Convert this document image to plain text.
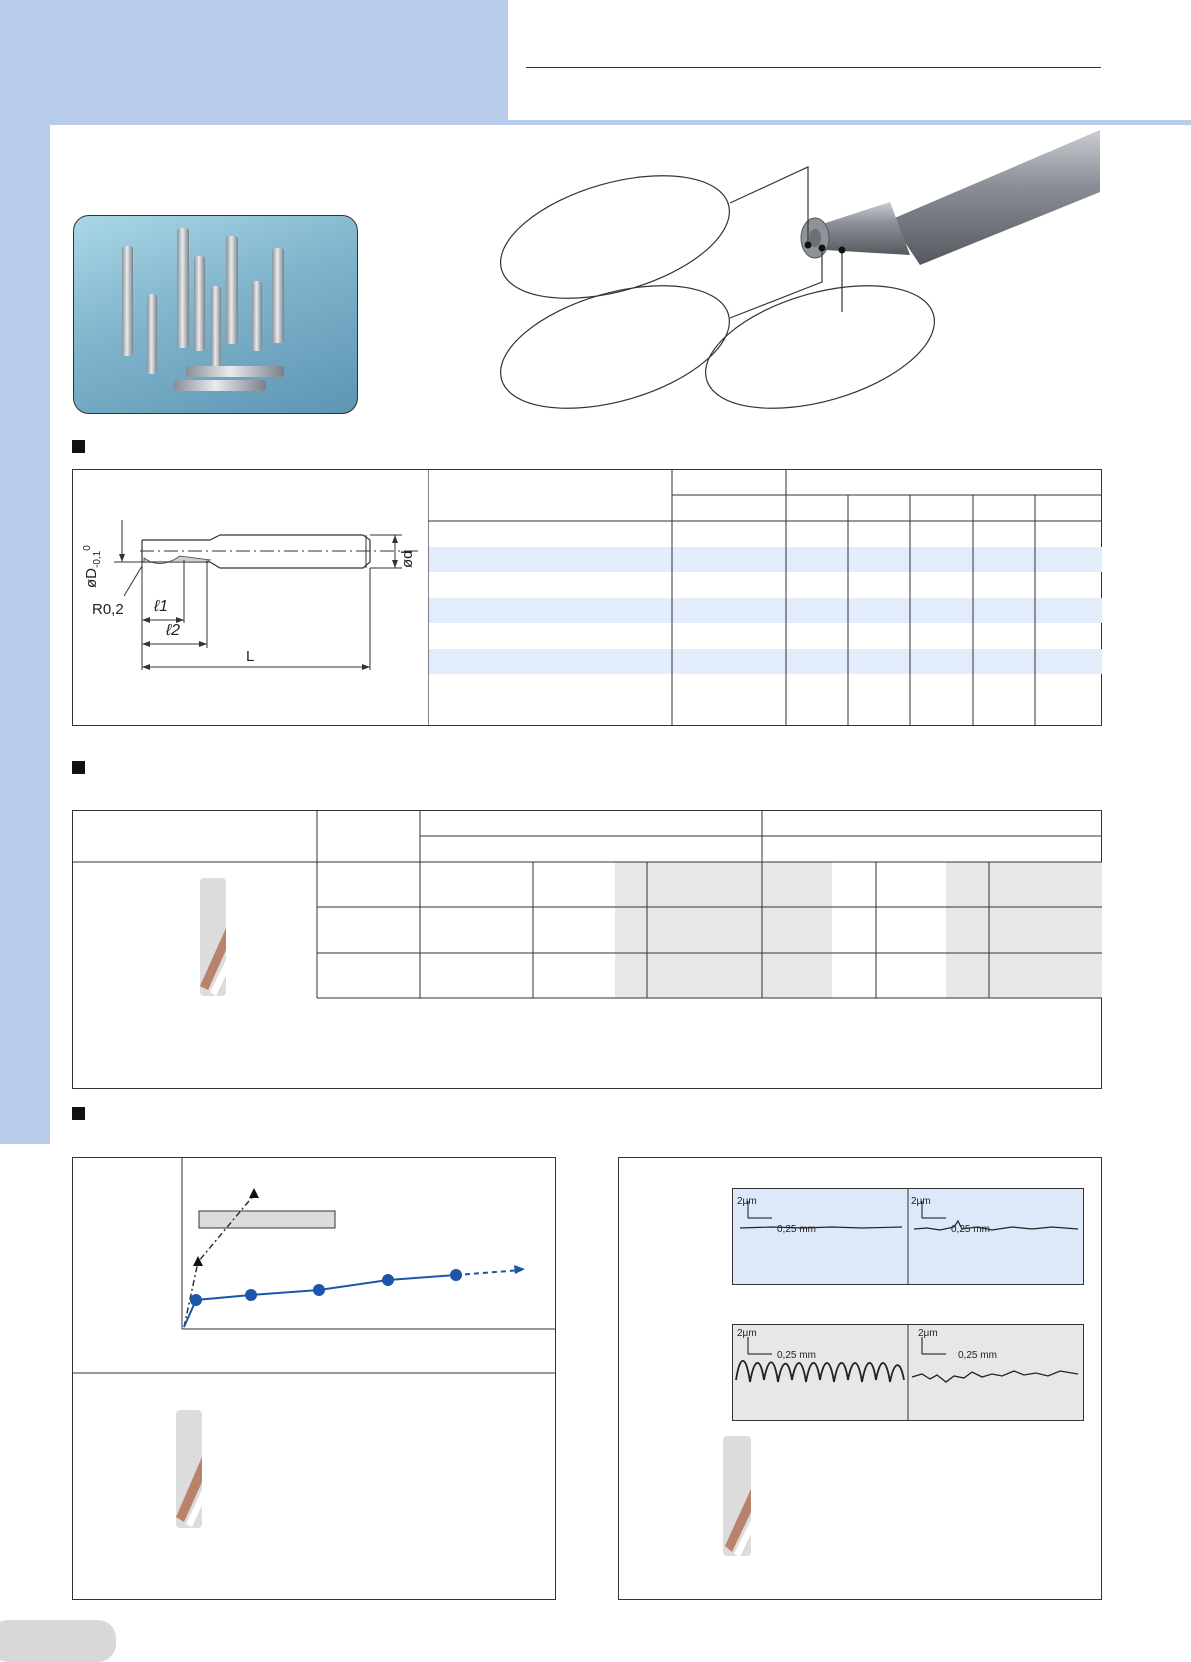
$øD_{-0,1}^0$
ød
R0,2 ℓ1
ℓ2
L
2μm
0,25 mm
2μm
0,25 mm
2μm
0,25 mm
2μm
0,25 mm
